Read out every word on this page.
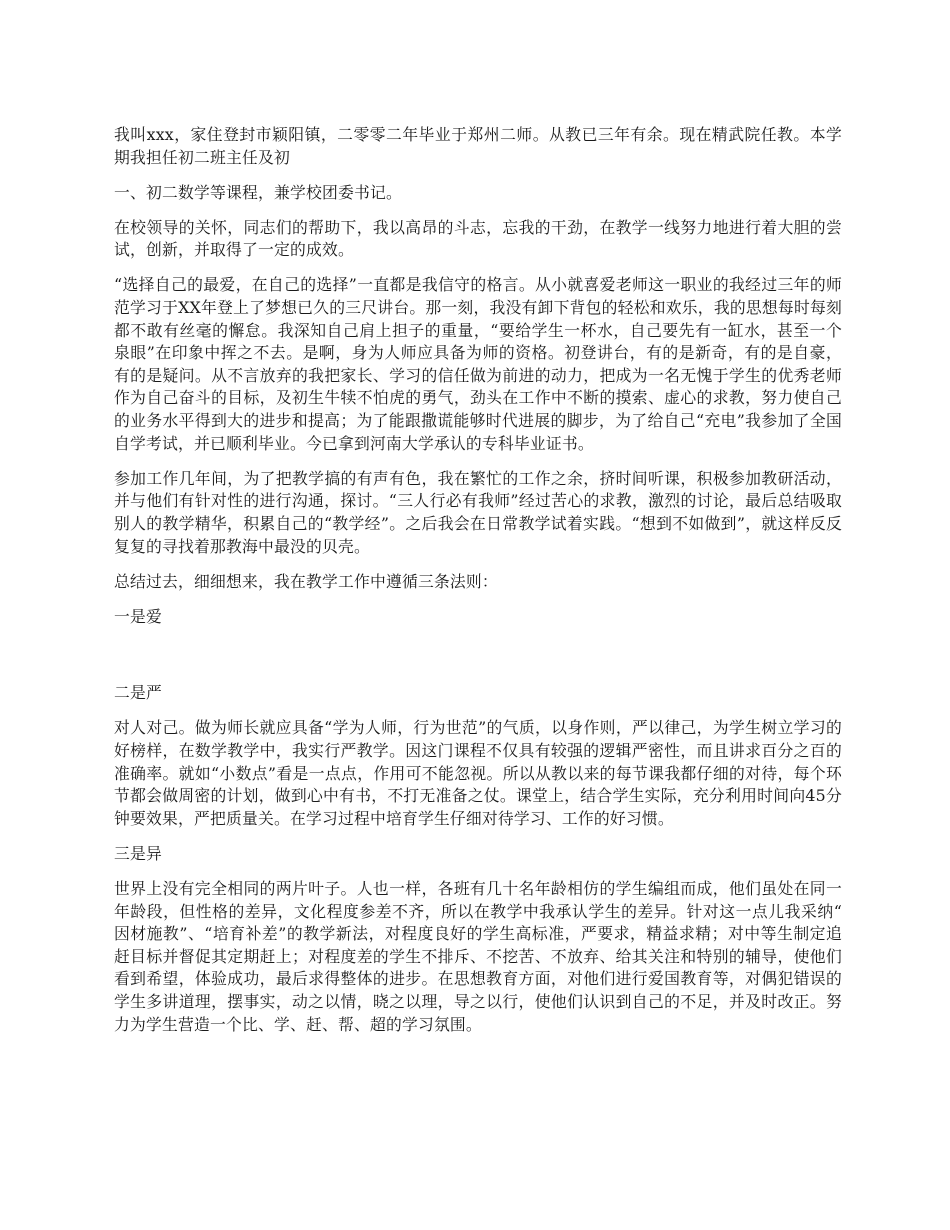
我叫xxx，家住登封市颖阳镇，二零零二年毕业于郑州二师。从教已三年有余。现在精武院任教。本学期我担任初二班主任及初

一、初二数学等课程，兼学校团委书记。

在校领导的关怀，同志们的帮助下，我以高昂的斗志，忘我的干劲，在教学一线努力地进行着大胆的尝试，创新，并取得了一定的成效。

“选择自己的最爱，在自己的选择”一直都是我信守的格言。从小就喜爱老师这一职业的我经过三年的师范学习于XX年登上了梦想已久的三尺讲台。那一刻，我没有卸下背包的轻松和欢乐，我的思想每时每刻都不敢有丝毫的懈怠。我深知自己肩上担子的重量，“要给学生一杯水，自己要先有一缸水，甚至一个泉眼”在印象中挥之不去。是啊，身为人师应具备为师的资格。初登讲台，有的是新奇，有的是自豪，有的是疑问。从不言放弃的我把家长、学习的信任做为前进的动力，把成为一名无愧于学生的优秀老师作为自己奋斗的目标，及初生牛犊不怕虎的勇气，劲头在工作中不断的摸索、虚心的求教，努力使自己的业务水平得到大的进步和提高；为了能跟撒谎能够时代进展的脚步，为了给自己“充电”我参加了全国自学考试，并已顺利毕业。今已拿到河南大学承认的专科毕业证书。

参加工作几年间，为了把教学搞的有声有色，我在繁忙的工作之余，挤时间听课，积极参加教研活动，并与他们有针对性的进行沟通，探讨。“三人行必有我师”经过苦心的求教，激烈的讨论，最后总结吸取别人的教学精华，积累自己的“教学经”。之后我会在日常教学试着实践。“想到不如做到”，就这样反反复复的寻找着那教海中最没的贝壳。

总结过去，细细想来，我在教学工作中遵循三条法则：

一是爱

二是严

对人对己。做为师长就应具备“学为人师，行为世范”的气质，以身作则，严以律己，为学生树立学习的好榜样，在数学教学中，我实行严教学。因这门课程不仅具有较强的逻辑严密性，而且讲求百分之百的准确率。就如“小数点”看是一点点，作用可不能忽视。所以从教以来的每节课我都仔细的对待，每个环节都会做周密的计划，做到心中有书，不打无准备之仗。课堂上，结合学生实际，充分利用时间向45分钟要效果，严把质量关。在学习过程中培育学生仔细对待学习、工作的好习惯。

三是异

世界上没有完全相同的两片叶子。人也一样，各班有几十名年龄相仿的学生编组而成，他们虽处在同一年龄段，但性格的差异，文化程度参差不齐，所以在教学中我承认学生的差异。针对这一点儿我采纳“因材施教”、“培育补差”的教学新法，对程度良好的学生高标准，严要求，精益求精；对中等生制定追赶目标并督促其定期赶上；对程度差的学生不排斥、不挖苦、不放弃、给其关注和特别的辅导，使他们看到希望，体验成功，最后求得整体的进步。在思想教育方面，对他们进行爱国教育等，对偶犯错误的学生多讲道理，摆事实，动之以情，晓之以理，导之以行，使他们认识到自己的不足，并及时改正。努力为学生营造一个比、学、赶、帮、超的学习氛围。
